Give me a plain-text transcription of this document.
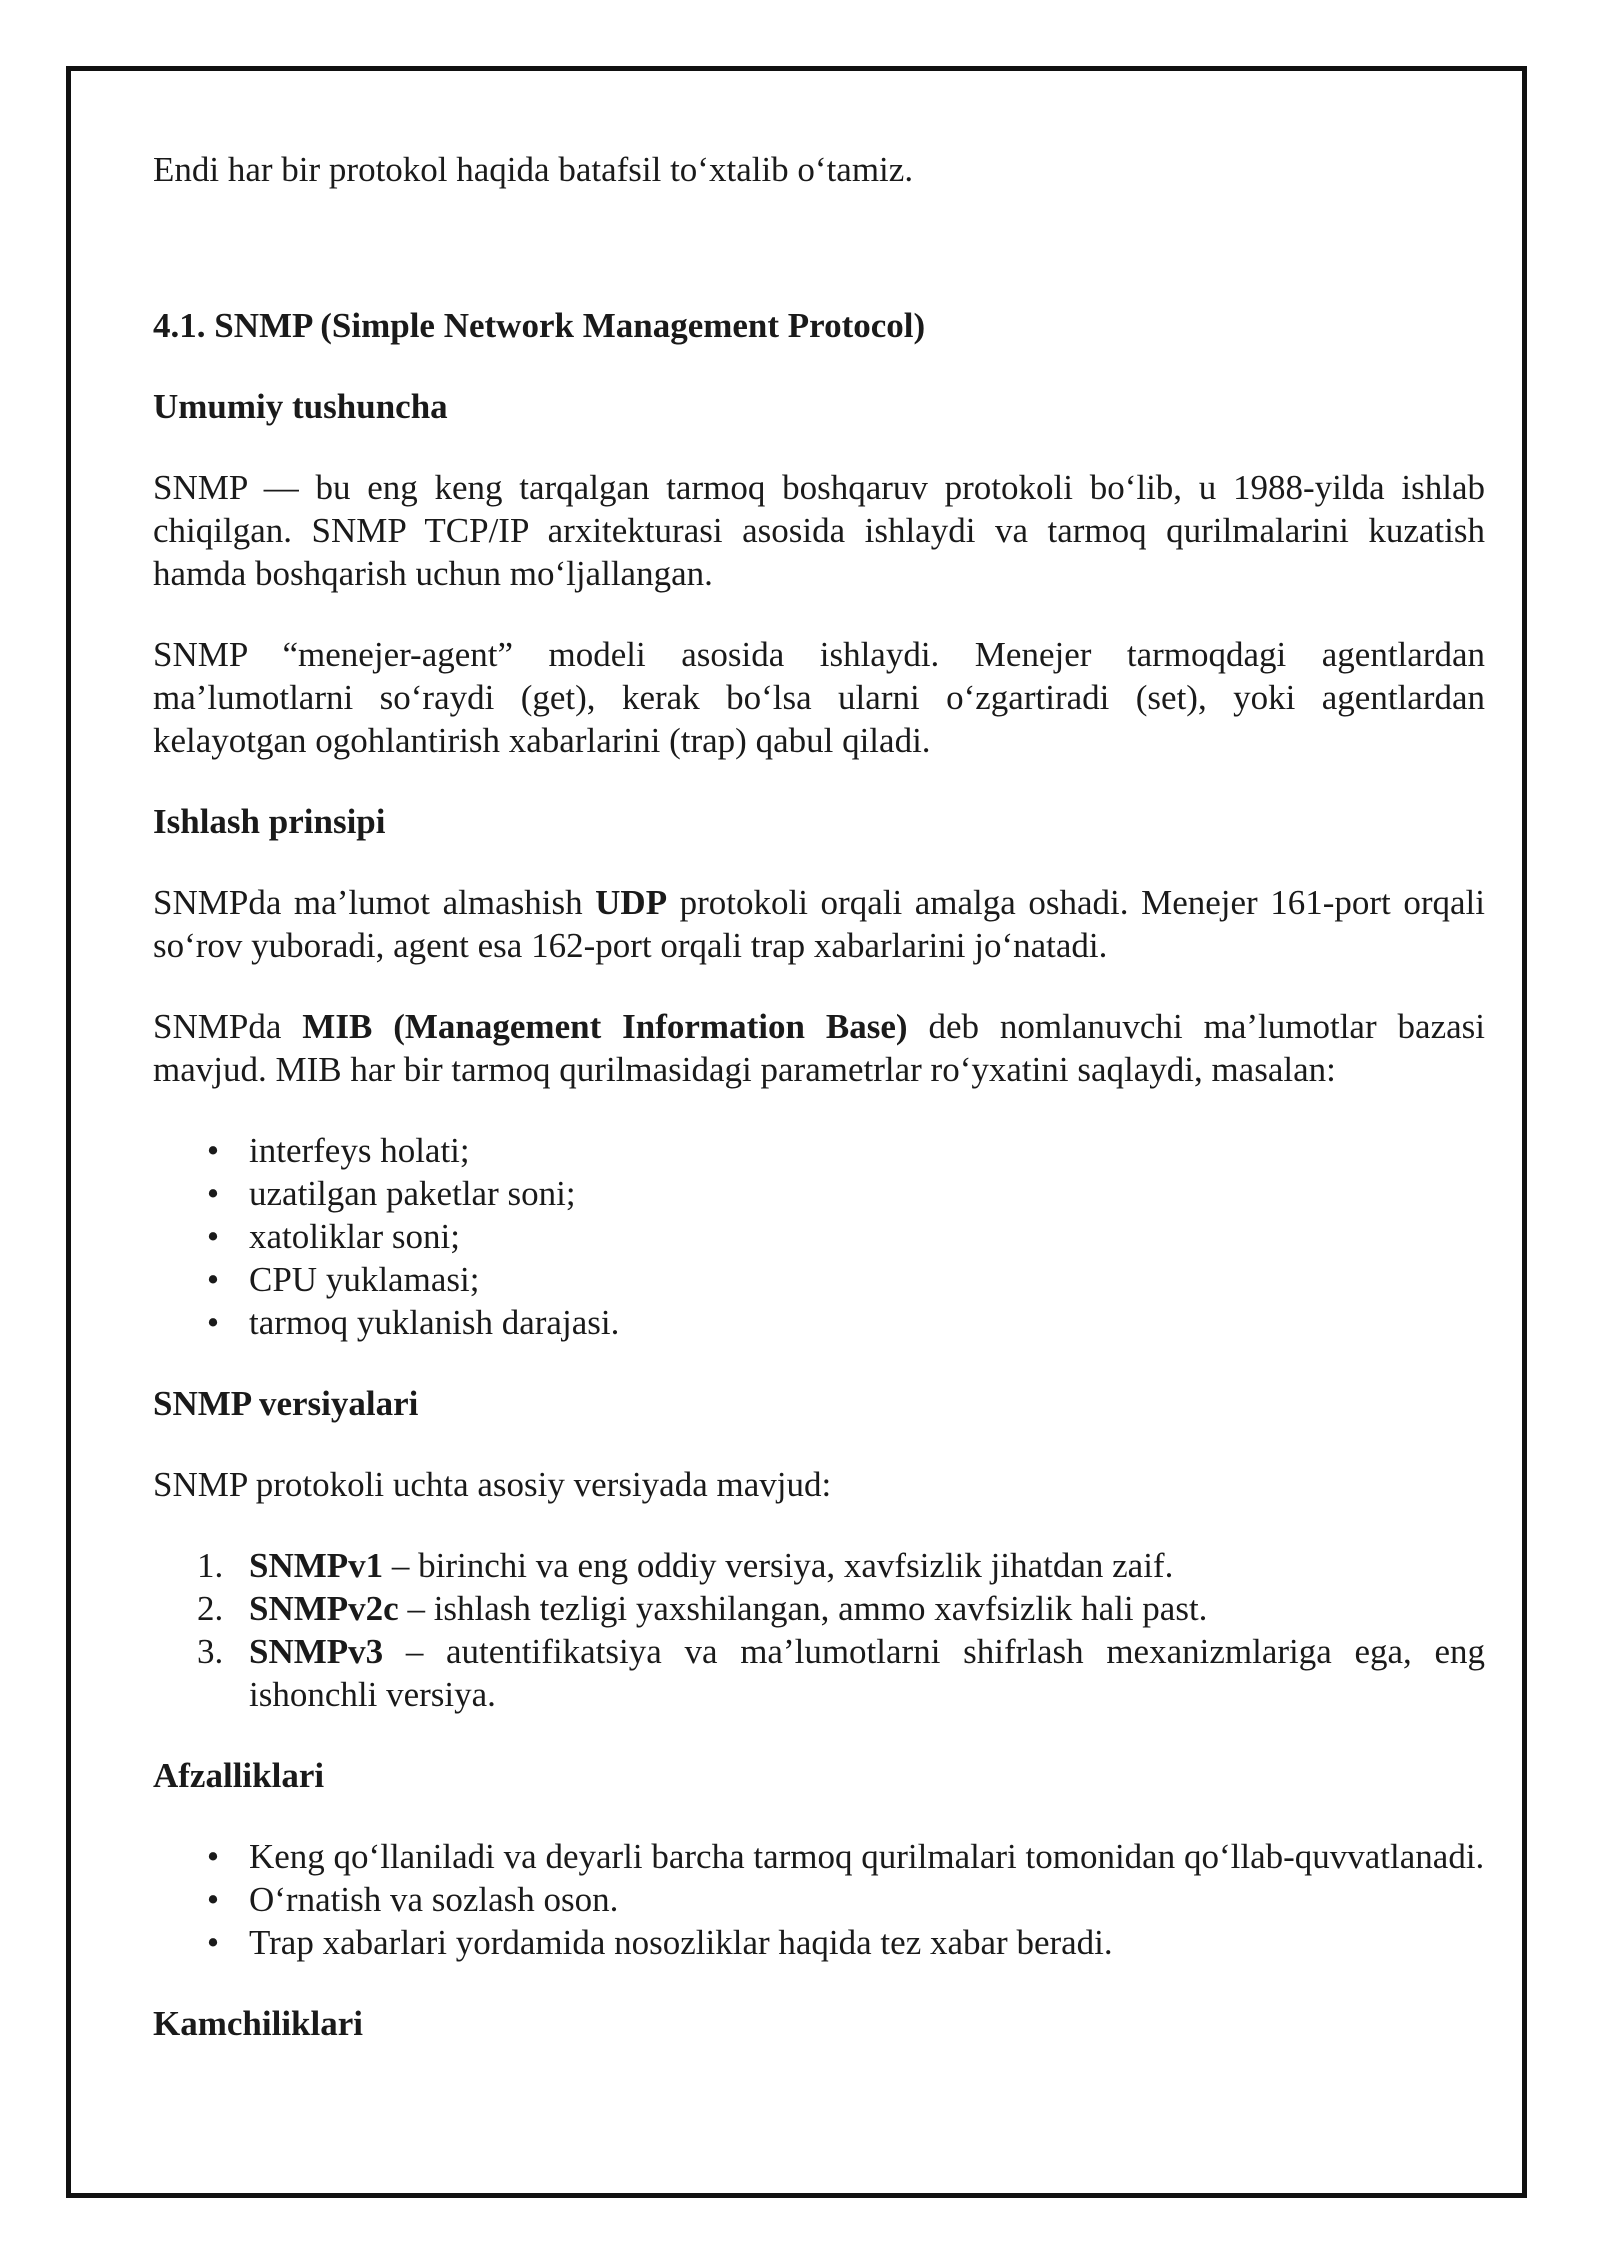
Endi har bir protokol haqida batafsil to‘xtalib o‘tamiz.

4.1. SNMP (Simple Network Management Protocol)
Umumiy tushuncha

SNMP — bu eng keng tarqalgan tarmoq boshqaruv protokoli bo‘lib, u 1988-yilda ishlab chiqilgan. SNMP TCP/IP arxitekturasi asosida ishlaydi va tarmoq qurilmalarini kuzatish hamda boshqarish uchun mo‘ljallangan.

SNMP “menejer-agent” modeli asosida ishlaydi. Menejer tarmoqdagi agentlardan ma’lumotlarni so‘raydi (get), kerak bo‘lsa ularni o‘zgartiradi (set), yoki agentlardan kelayotgan ogohlantirish xabarlarini (trap) qabul qiladi.

Ishlash prinsipi

SNMPda ma’lumot almashish UDP protokoli orqali amalga oshadi. Menejer 161-port orqali so‘rov yuboradi, agent esa 162-port orqali trap xabarlarini jo‘natadi.

SNMPda MIB (Management Information Base) deb nomlanuvchi ma’lumotlar bazasi mavjud. MIB har bir tarmoq qurilmasidagi parametrlar ro‘yxatini saqlaydi, masalan:

• interfeys holati;
• uzatilgan paketlar soni;
• xatoliklar soni;
• CPU yuklamasi;
• tarmoq yuklanish darajasi.
SNMP versiyalari

SNMP protokoli uchta asosiy versiyada mavjud:

1. SNMPv1 – birinchi va eng oddiy versiya, xavfsizlik jihatdan zaif.
2. SNMPv2c – ishlash tezligi yaxshilangan, ammo xavfsizlik hali past.
3. SNMPv3 – autentifikatsiya va ma’lumotlarni shifrlash mexanizmlariga ega, eng ishonchli versiya.
Afzalliklari
• Keng qo‘llaniladi va deyarli barcha tarmoq qurilmalari tomonidan qo‘llab-quvvatlanadi.
• O‘rnatish va sozlash oson.
• Trap xabarlari yordamida nosozliklar haqida tez xabar beradi.
Kamchiliklari
